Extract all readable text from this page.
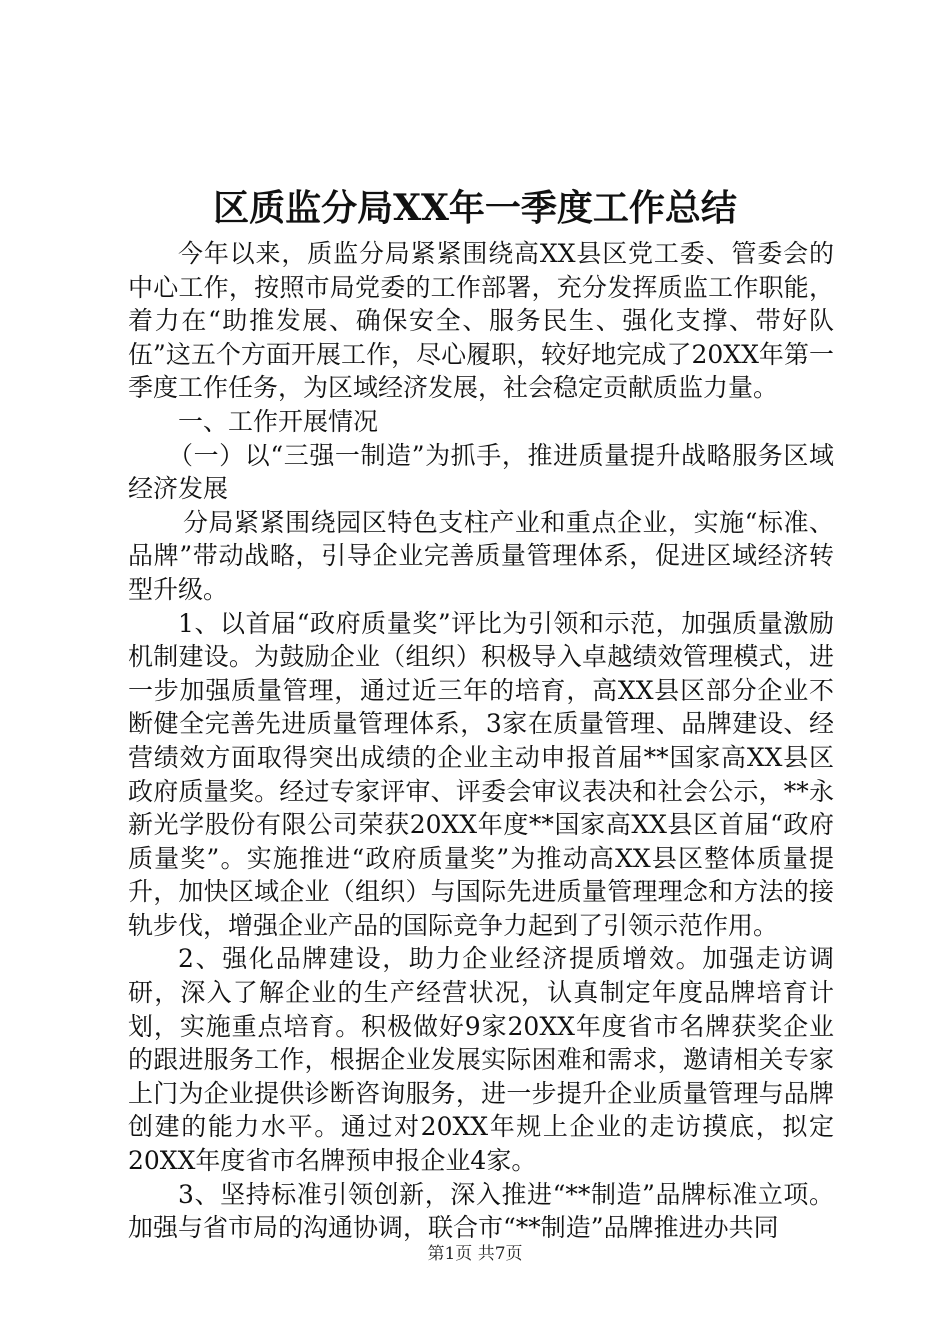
区质监分局XX年一季度工作总结

今年以来，质监分局紧紧围绕高XX县区党工委、管委会的中心工作，按照市局党委的工作部署，充分发挥质监工作职能，着力在“助推发展、确保安全、服务民生、强化支撑、带好队伍”这五个方面开展工作，尽心履职，较好地完成了20XX年第一季度工作任务，为区域经济发展，社会稳定贡献质监力量。

一、工作开展情况

（一）以“三强一制造”为抓手，推进质量提升战略服务区域经济发展

分局紧紧围绕园区特色支柱产业和重点企业，实施“标准、品牌”带动战略，引导企业完善质量管理体系，促进区域经济转型升级。

1、以首届“政府质量奖”评比为引领和示范，加强质量激励机制建设。为鼓励企业（组织）积极导入卓越绩效管理模式，进一步加强质量管理，通过近三年的培育，高XX县区部分企业不断健全完善先进质量管理体系，3家在质量管理、品牌建设、经营绩效方面取得突出成绩的企业主动申报首届**国家高XX县区政府质量奖。经过专家评审、评委会审议表决和社会公示，**永新光学股份有限公司荣获20XX年度**国家高XX县区首届“政府质量奖”。实施推进“政府质量奖”为推动高XX县区整体质量提升，加快区域企业（组织）与国际先进质量管理理念和方法的接轨步伐，增强企业产品的国际竞争力起到了引领示范作用。

2、强化品牌建设，助力企业经济提质增效。加强走访调研，深入了解企业的生产经营状况，认真制定年度品牌培育计划，实施重点培育。积极做好9家20XX年度省市名牌获奖企业的跟进服务工作，根据企业发展实际困难和需求，邀请相关专家上门为企业提供诊断咨询服务，进一步提升企业质量管理与品牌创建的能力水平。通过对20XX年规上企业的走访摸底，拟定20XX年度省市名牌预申报企业4家。

3、坚持标准引领创新，深入推进“**制造”品牌标准立项。加强与省市局的沟通协调，联合市“**制造”品牌推进办共同

第1页 共7页
